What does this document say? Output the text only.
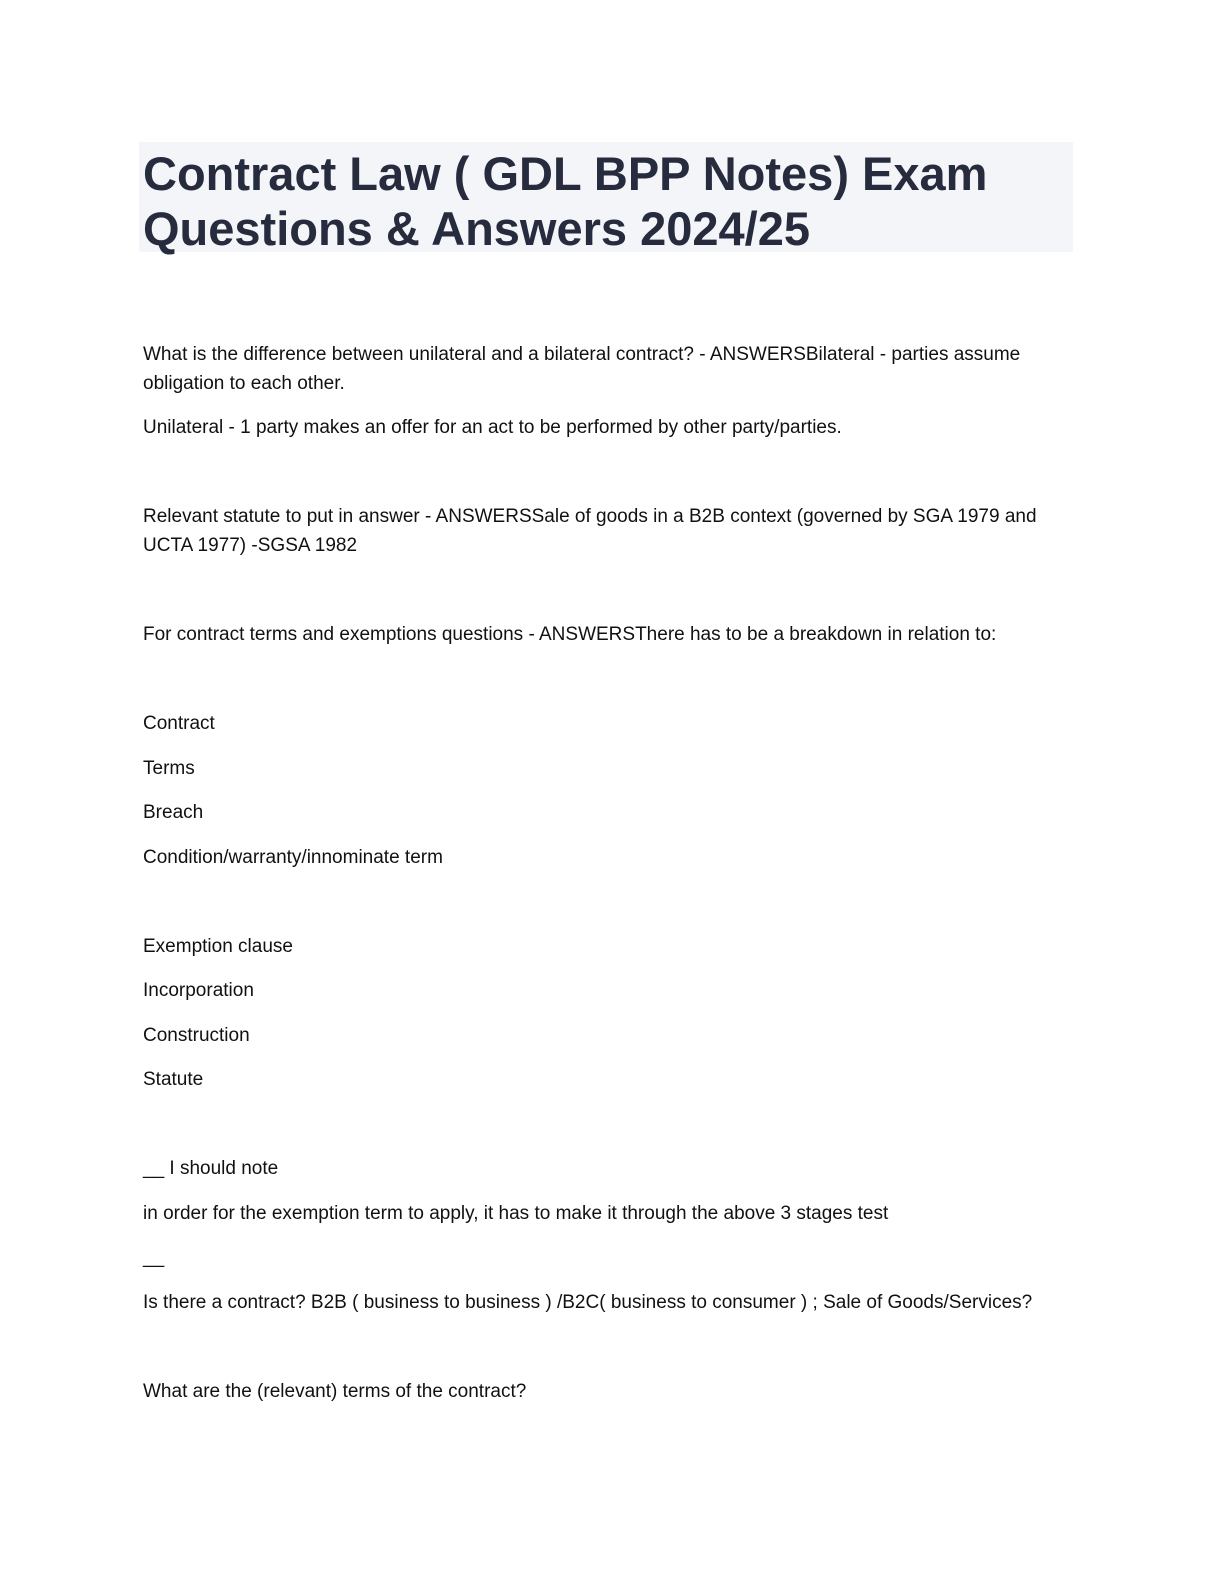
Contract Law ( GDL BPP Notes) Exam Questions & Answers 2024/25

What is the difference between unilateral and a bilateral contract? - ANSWERSBilateral - parties assume obligation to each other.

Unilateral - 1 party makes an offer for an act to be performed by other party/parties.

Relevant statute to put in answer - ANSWERSSale of goods in a B2B context (governed by SGA 1979 and UCTA 1977) -SGSA 1982

For contract terms and exemptions questions - ANSWERSThere has to be a breakdown in relation to:

Contract

Terms

Breach

Condition/warranty/innominate term

Exemption clause

Incorporation

Construction

Statute

__ I should note

in order for the exemption term to apply, it has to make it through the above 3 stages test

__

Is there a contract? B2B ( business to business ) /B2C( business to consumer ) ; Sale of Goods/Services?

What are the (relevant) terms of the contract?
